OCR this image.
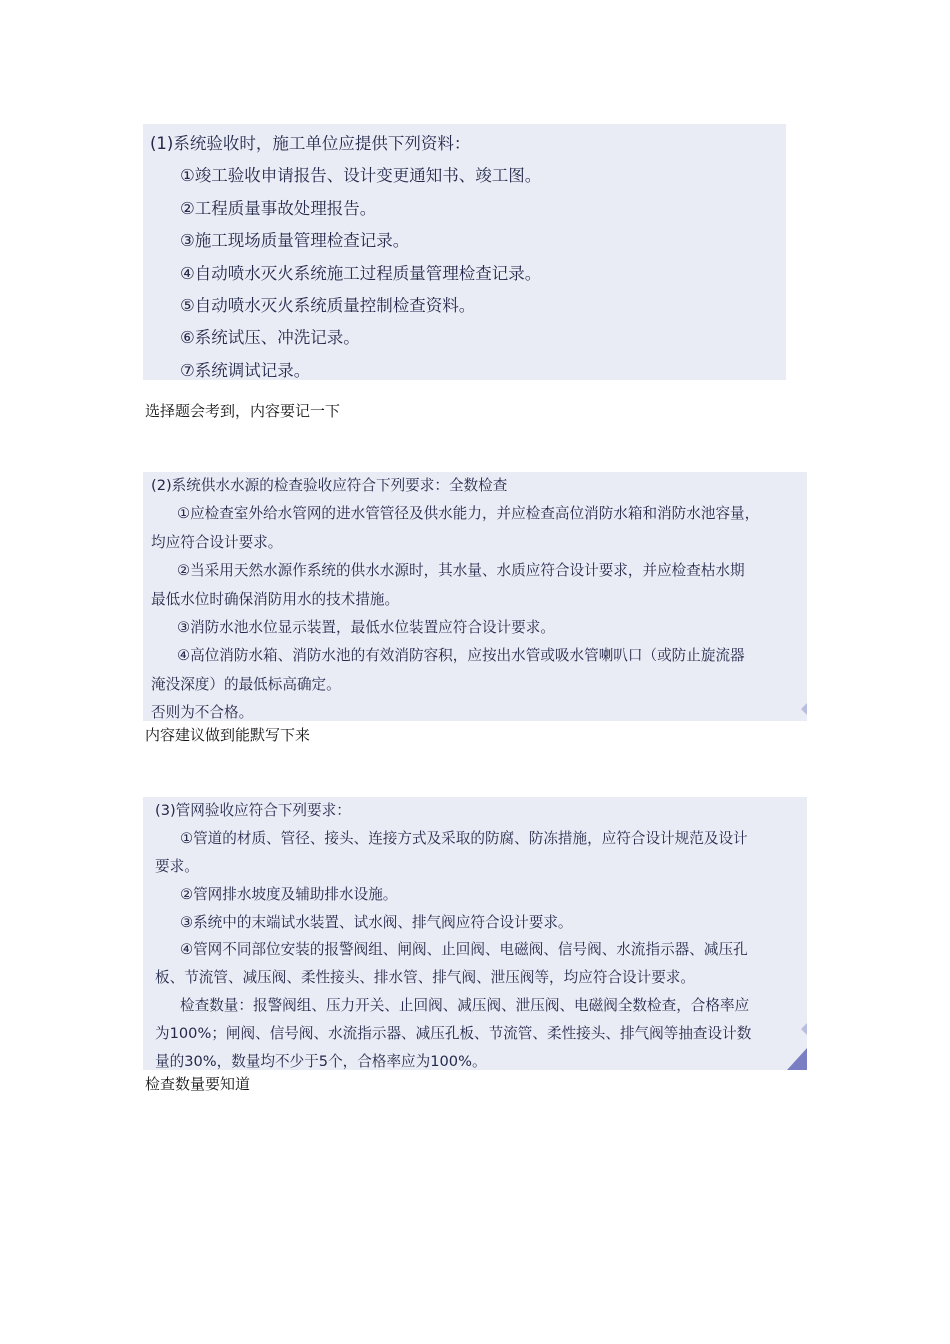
(1)系统验收时，施工单位应提供下列资料：
①竣工验收申请报告、设计变更通知书、竣工图。
②工程质量事故处理报告。
③施工现场质量管理检查记录。
④自动喷水灭火系统施工过程质量管理检查记录。
⑤自动喷水灭火系统质量控制检查资料。
⑥系统试压、冲洗记录。
⑦系统调试记录。
选择题会考到，内容要记一下
(2)系统供水水源的检查验收应符合下列要求：全数检查
①应检查室外给水管网的进水管管径及供水能力，并应检查高位消防水箱和消防水池容量，
均应符合设计要求。
②当采用天然水源作系统的供水水源时，其水量、水质应符合设计要求，并应检查枯水期
最低水位时确保消防用水的技术措施。
③消防水池水位显示装置，最低水位装置应符合设计要求。
④高位消防水箱、消防水池的有效消防容积，应按出水管或吸水管喇叭口（或防止旋流器
淹没深度）的最低标高确定。
否则为不合格。
内容建议做到能默写下来
(3)管网验收应符合下列要求：
①管道的材质、管径、接头、连接方式及采取的防腐、防冻措施，应符合设计规范及设计
要求。
②管网排水坡度及辅助排水设施。
③系统中的末端试水装置、试水阀、排气阀应符合设计要求。
④管网不同部位安装的报警阀组、闸阀、止回阀、电磁阀、信号阀、水流指示器、减压孔
板、节流管、减压阀、柔性接头、排水管、排气阀、泄压阀等，均应符合设计要求。
检查数量：报警阀组、压力开关、止回阀、减压阀、泄压阀、电磁阀全数检查，合格率应
为100%；闸阀、信号阀、水流指示器、减压孔板、节流管、柔性接头、排气阀等抽查设计数
量的30%，数量均不少于5个，合格率应为100%。
检查数量要知道
